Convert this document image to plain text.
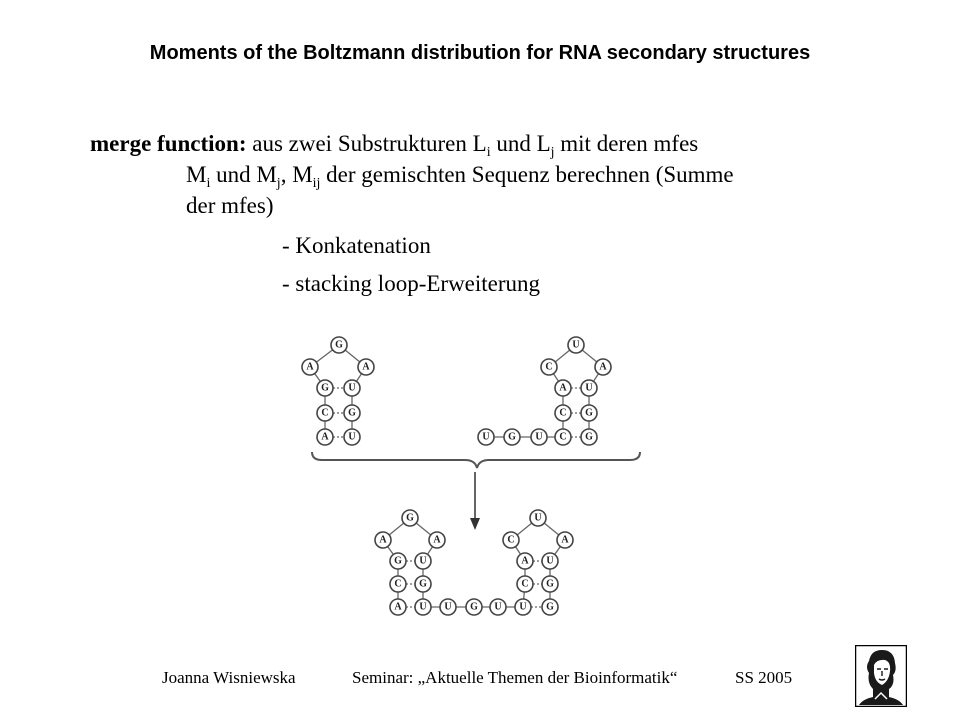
Moments of the Boltzmann distribution for RNA secondary structures
merge function: aus zwei Substrukturen $L_i$ und $L_j$ mit deren mfes
$M_i$ und $M_j$, $M_{ij}$ der gemischten Sequenz berechnen (Summe
der mfes)
- Konkatenation
- stacking loop-Erweiterung
G
A	A
G U
C G
A U
U
C	A
A U
C G
C G
U G U
G
A	A
G U
C G
A U U G U U
U
C	A
A U
C G
G
Joanna Wisniewska	Seminar: „Aktuelle Themen der Bioinformatik“	SS 2005
